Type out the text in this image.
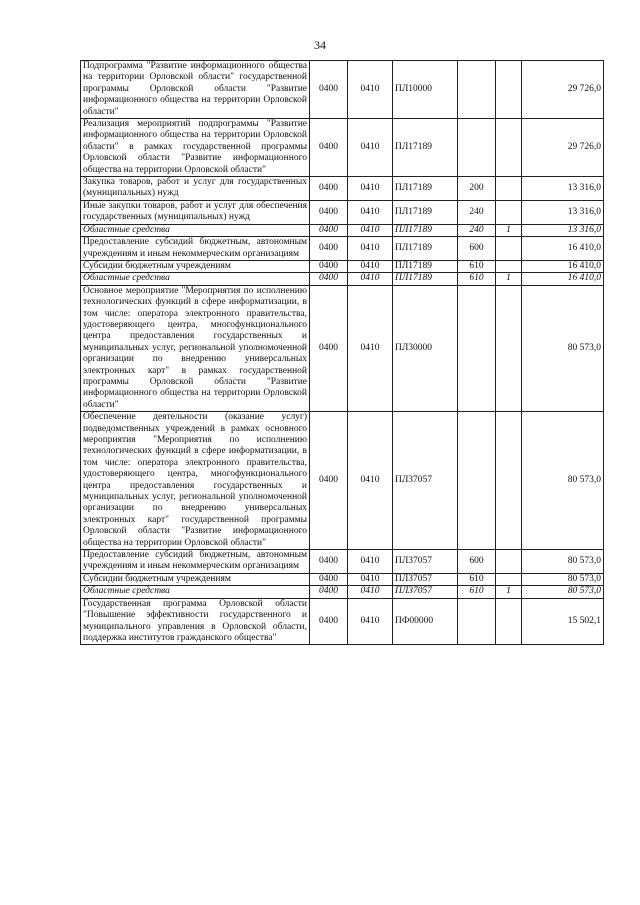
34
Подпрограмма "Развитие информационного общества на территории Орловской области" государственной программы Орловской области "Развитие информационного общества на территории Орловской области"	0400	0410	ПЛ10000			29 726,0
Реализация мероприятий подпрограммы "Развитие информационного общества на территории Орловской области" в рамках государственной программы Орловской области "Развитие информационного общества на территории Орловской области"	0400	0410	ПЛ17189			29 726,0
Закупка товаров, работ и услуг для государственных (муниципальных) нужд	0400	0410	ПЛ17189	200		13 316,0
Иные закупки товаров, работ и услуг для обеспечения государственных (муниципальных) нужд	0400	0410	ПЛ17189	240		13 316,0
Областные средства	0400	0410	ПЛ17189	240	1	13 316,0
Предоставление субсидий бюджетным, автономным учреждениям и иным некоммерческим организациям	0400	0410	ПЛ17189	600		16 410,0
Субсидии бюджетным учреждениям	0400	0410	ПЛ17189	610		16 410,0
Областные средства	0400	0410	ПЛ17189	610	1	16 410,0
Основное мероприятие "Мероприятия по исполнению технологических функций в сфере информатизации, в том числе: оператора электронного правительства, удостоверяющего центра, многофункционального центра предоставления государственных и муниципальных услуг, региональной уполномоченной организации по внедрению универсальных электронных карт" в рамках государственной программы Орловской области "Развитие информационного общества на территории Орловской области"	0400	0410	ПЛ30000			80 573,0
Обеспечение деятельности (оказание услуг) подведомственных учреждений в рамках основного мероприятия "Мероприятия по исполнению технологических функций в сфере информатизации, в том числе: оператора электронного правительства, удостоверяющего центра, многофункционального центра предоставления государственных и муниципальных услуг, региональной уполномоченной организации по внедрению универсальных электронных карт" государственной программы Орловской области "Развитие информационного общества на территории Орловской области"	0400	0410	ПЛ37057			80 573,0
Предоставление субсидий бюджетным, автономным учреждениям и иным некоммерческим организациям	0400	0410	ПЛ37057	600		80 573,0
Субсидии бюджетным учреждениям	0400	0410	ПЛ37057	610		80 573,0
Областные средства	0400	0410	ПЛ37057	610	1	80 573,0
Государственная программа Орловской области "Повышение эффективности государственного и муниципального управления в Орловской области, поддержка институтов гражданского общества"	0400	0410	ПФ00000			15 502,1
